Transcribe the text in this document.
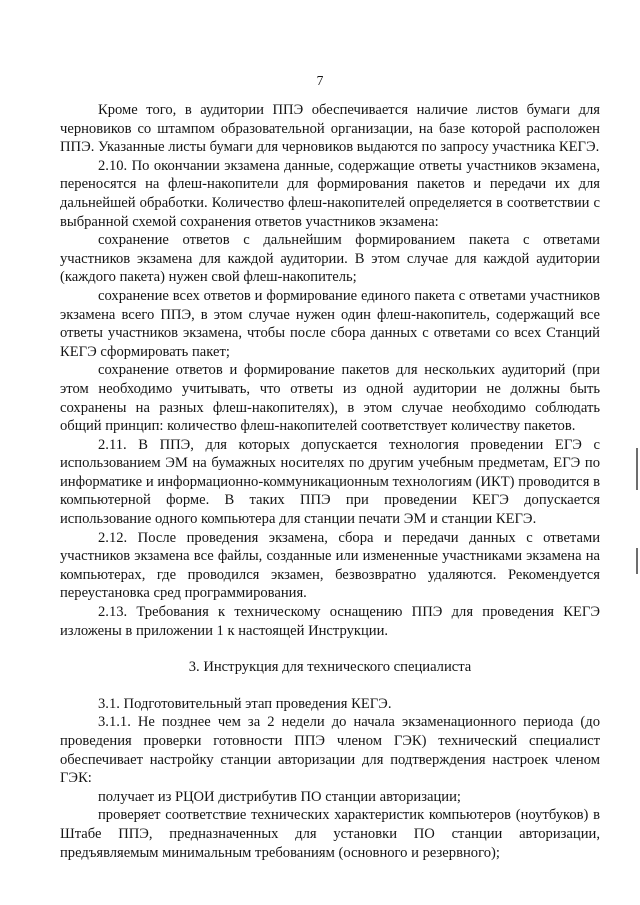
7

Кроме того, в аудитории ППЭ обеспечивается наличие листов бумаги для черновиков со штампом образовательной организации, на базе которой расположен ППЭ. Указанные листы бумаги для черновиков выдаются по запросу участника КЕГЭ.

2.10. По окончании экзамена данные, содержащие ответы участников экзамена, переносятся на флеш-накопители для формирования пакетов и передачи их для дальнейшей обработки. Количество флеш-накопителей определяется в соответствии с выбранной схемой сохранения ответов участников экзамена:

сохранение ответов с дальнейшим формированием пакета с ответами участников экзамена для каждой аудитории. В этом случае для каждой аудитории (каждого пакета) нужен свой флеш-накопитель;

сохранение всех ответов и формирование единого пакета с ответами участников экзамена всего ППЭ, в этом случае нужен один флеш-накопитель, содержащий все ответы участников экзамена, чтобы после сбора данных с ответами со всех Станций КЕГЭ сформировать пакет;

сохранение ответов и формирование пакетов для нескольких аудиторий (при этом необходимо учитывать, что ответы из одной аудитории не должны быть сохранены на разных флеш-накопителях), в этом случае необходимо соблюдать общий принцип: количество флеш-накопителей соответствует количеству пакетов.

2.11. В ППЭ, для которых допускается технология проведении ЕГЭ с использованием ЭМ на бумажных носителях по другим учебным предметам, ЕГЭ по информатике и информационно-коммуникационным технологиям (ИКТ) проводится в компьютерной форме. В таких ППЭ при проведении КЕГЭ допускается использование одного компьютера для станции печати ЭМ и станции КЕГЭ.

2.12. После проведения экзамена, сбора и передачи данных с ответами участников экзамена все файлы, созданные или измененные участниками экзамена на компьютерах, где проводился экзамен, безвозвратно удаляются. Рекомендуется переустановка сред программирования.

2.13. Требования к техническому оснащению ППЭ для проведения КЕГЭ изложены в приложении 1 к настоящей Инструкции.

3. Инструкция для технического специалиста

3.1. Подготовительный этап проведения КЕГЭ.

3.1.1. Не позднее чем за 2 недели до начала экзаменационного периода (до проведения проверки готовности ППЭ членом ГЭК) технический специалист обеспечивает настройку станции авторизации для подтверждения настроек членом ГЭК:

получает из РЦОИ дистрибутив ПО станции авторизации;

проверяет соответствие технических характеристик компьютеров (ноутбуков) в Штабе ППЭ, предназначенных для установки ПО станции авторизации, предъявляемым минимальным требованиям (основного и резервного);
